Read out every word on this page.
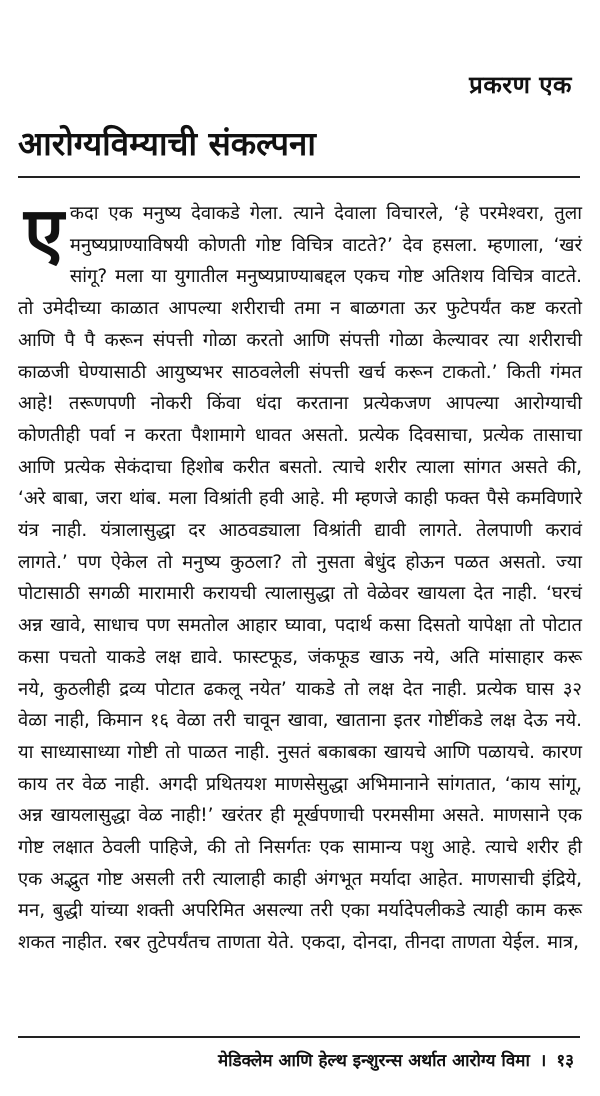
प्रकरण एक
आरोग्यविम्याची संकल्पना

एकदा एक मनुष्य देवाकडे गेला. त्याने देवाला विचारले, ‘हे परमेश्वरा, तुला मनुष्यप्राण्याविषयी कोणती गोष्ट विचित्र वाटते?’ देव हसला. म्हणाला, ‘खरं सांगू? मला या युगातील मनुष्यप्राण्याबद्दल एकच गोष्ट अतिशय विचित्र वाटते. तो उमेदीच्या काळात आपल्या शरीराची तमा न बाळगता ऊर फुटेपर्यंत कष्ट करतो आणि पै पै करून संपत्ती गोळा करतो आणि संपत्ती गोळा केल्यावर त्या शरीराची काळजी घेण्यासाठी आयुष्यभर साठवलेली संपत्ती खर्च करून टाकतो.’ किती गंमत आहे! तरूणपणी नोकरी किंवा धंदा करताना प्रत्येकजण आपल्या आरोग्याची कोणतीही पर्वा न करता पैशामागे धावत असतो. प्रत्येक दिवसाचा, प्रत्येक तासाचा आणि प्रत्येक सेकंदाचा हिशोब करीत बसतो. त्याचे शरीर त्याला सांगत असते की, ‘अरे बाबा, जरा थांब. मला विश्रांती हवी आहे. मी म्हणजे काही फक्त पैसे कमविणारे यंत्र नाही. यंत्रालासुद्धा दर आठवड्याला विश्रांती द्यावी लागते. तेलपाणी करावं लागते.’ पण ऐकेल तो मनुष्य कुठला? तो नुसता बेधुंद होऊन पळत असतो. ज्या पोटासाठी सगळी मारामारी करायची त्यालासुद्धा तो वेळेवर खायला देत नाही. ‘घरचं अन्न खावे, साधाच पण समतोल आहार घ्यावा, पदार्थ कसा दिसतो यापेक्षा तो पोटात कसा पचतो याकडे लक्ष द्यावे. फास्टफूड, जंकफूड खाऊ नये, अति मांसाहार करू नये, कुठलीही द्रव्य पोटात ढकलू नयेत’ याकडे तो लक्ष देत नाही. प्रत्येक घास ३२ वेळा नाही, किमान १६ वेळा तरी चावून खावा, खाताना इतर गोष्टींकडे लक्ष देऊ नये. या साध्यासाध्या गोष्टी तो पाळत नाही. नुसतं बकाबका खायचे आणि पळायचे. कारण काय तर वेळ नाही. अगदी प्रथितयश माणसेसुद्धा अभिमानाने सांगतात, ‘काय सांगू, अन्न खायलासुद्धा वेळ नाही!’ खरंतर ही मूर्खपणाची परमसीमा असते. माणसाने एक गोष्ट लक्षात ठेवली पाहिजे, की तो निसर्गतः एक सामान्य पशु आहे. त्याचे शरीर ही एक अद्भुत गोष्ट असली तरी त्यालाही काही अंगभूत मर्यादा आहेत. माणसाची इंद्रिये, मन, बुद्धी यांच्या शक्ती अपरिमित असल्या तरी एका मर्यादेपलीकडे त्याही काम करू शकत नाहीत. रबर तुटेपर्यंतच ताणता येते. एकदा, दोनदा, तीनदा ताणता येईल. मात्र,

मेडिक्लेम आणि हेल्थ इन्शुरन्स अर्थात आरोग्य विमा । १३
